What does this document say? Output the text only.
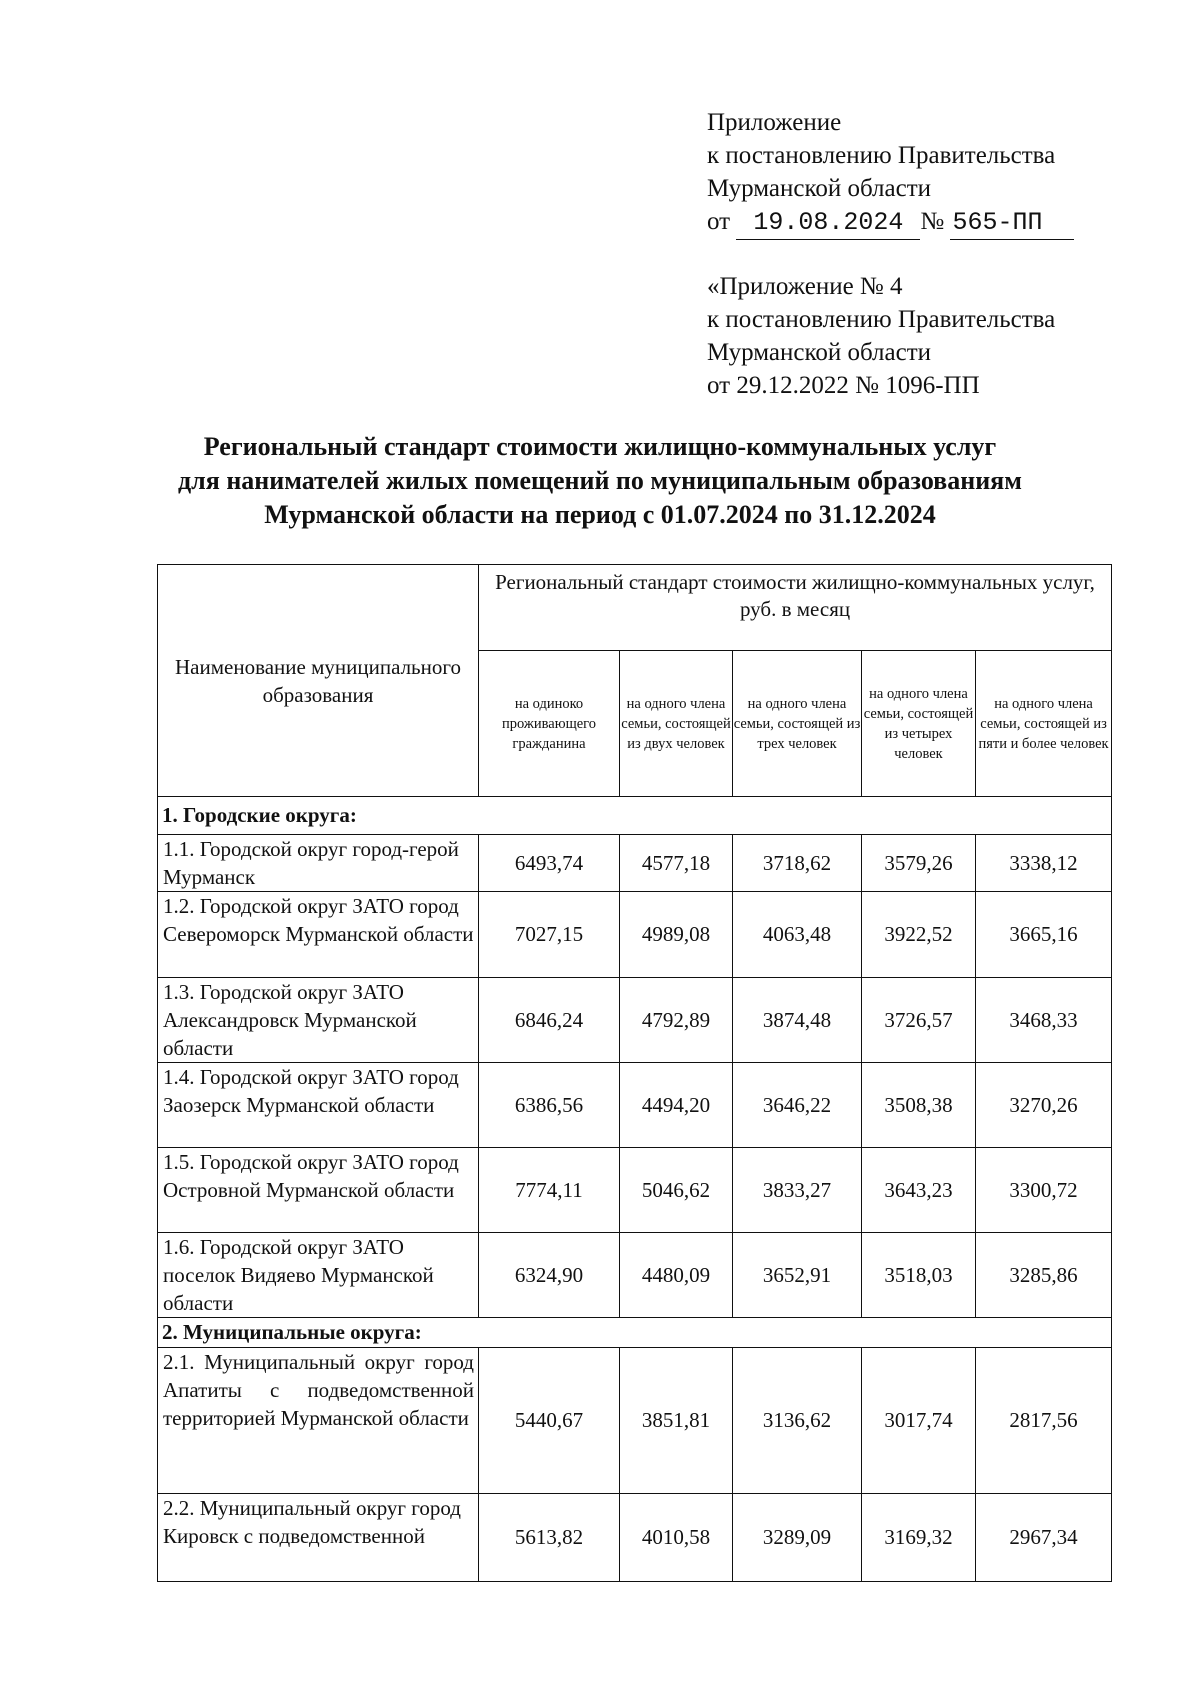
Приложение
к постановлению Правительства
Мурманской области
от 19.08.2024 № 565-ПП
«Приложение № 4
к постановлению Правительства
Мурманской области
от 29.12.2022 № 1096-ПП
Региональный стандарт стоимости жилищно-коммунальных услуг
для нанимателей жилых помещений по муниципальным образованиям
Мурманской области на период с 01.07.2024 по 31.12.2024
Наименование муниципального образования	Региональный стандарт стоимости жилищно-коммунальных услуг, руб. в месяц				
	на одиноко проживающего гражданина	на одного члена семьи, состоящей из двух человек	на одного члена семьи, состоящей из трех человек	на одного члена семьи, состоящей из четырех человек	на одного члена семьи, состоящей из пяти и более человек
1. Городские округа:					
1.1. Городской округ город-герой Мурманск	6493,74	4577,18	3718,62	3579,26	3338,12
1.2. Городской округ ЗАТО город Североморск Мурманской области	7027,15	4989,08	4063,48	3922,52	3665,16
1.3. Городской округ ЗАТО Александровск Мурманской области	6846,24	4792,89	3874,48	3726,57	3468,33
1.4. Городской округ ЗАТО город Заозерск Мурманской области	6386,56	4494,20	3646,22	3508,38	3270,26
1.5. Городской округ ЗАТО город Островной Мурманской области	7774,11	5046,62	3833,27	3643,23	3300,72
1.6. Городской округ ЗАТО поселок Видяево Мурманской области	6324,90	4480,09	3652,91	3518,03	3285,86
2. Муниципальные округа:					
2.1. Муниципальный округ город Апатиты с подведомственной территорией Мурманской области	5440,67	3851,81	3136,62	3017,74	2817,56
2.2. Муниципальный округ город Кировск с подведомственной	5613,82	4010,58	3289,09	3169,32	2967,34
